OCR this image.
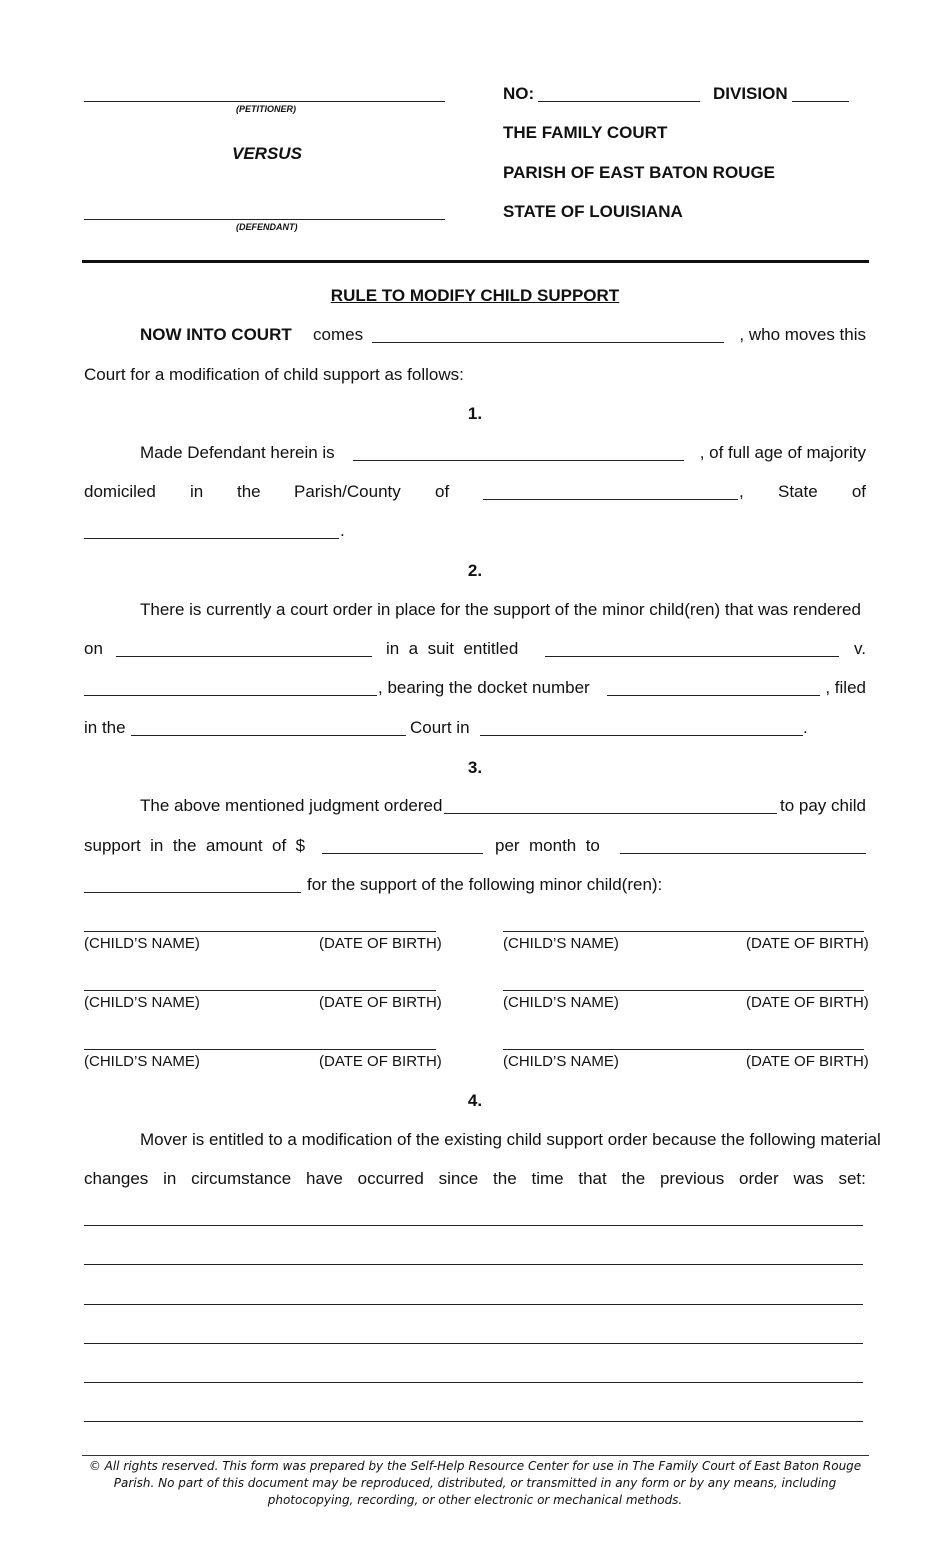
(PETITIONER)
VERSUS
(DEFENDANT)
NO:	DIVISION
THE FAMILY COURT
PARISH OF EAST BATON ROUGE
STATE OF LOUISIANA
RULE TO MODIFY CHILD SUPPORT
NOW INTO COURT comes	, who moves this
Court for a modification of child support as follows:
1.
Made Defendant herein is	, of full age of majority
domiciled in the Parish/County of	, State of
.
2.
There is currently a court order in place for the support of the minor child(ren) that was rendered
on	in  a  suit  entitled	v.
, bearing the docket number	, filed
in the	Court in	.
3.
The above mentioned judgment ordered	to pay child
support  in  the  amount  of  $	per  month  to
for the support of the following minor child(ren):
(CHILD’S NAME)	(DATE OF BIRTH)	(CHILD’S NAME)	(DATE OF BIRTH)
(CHILD’S NAME)	(DATE OF BIRTH)	(CHILD’S NAME)	(DATE OF BIRTH)
(CHILD’S NAME)	(DATE OF BIRTH)	(CHILD’S NAME)	(DATE OF BIRTH)
4.
Mover is entitled to a modification of the existing child support order because the following material
changes in circumstance have occurred since the time that the previous order was set:
© All rights reserved. This form was prepared by the Self-Help Resource Center for use in The Family Court of East Baton Rouge Parish. No part of this document may be reproduced, distributed, or transmitted in any form or by any means, including photocopying, recording, or other electronic or mechanical methods.
